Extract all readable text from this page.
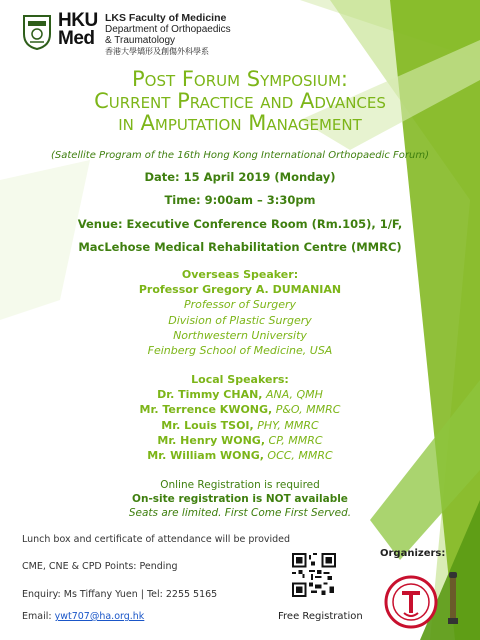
HKU
Med
LKS Faculty of Medicine
Department of Orthopaedics
& Traumatology
香港大學矯形及創傷外科學系
Post Forum Symposium:
Current Practice and Advances
in Amputation Management
(Satellite Program of the 16th Hong Kong International Orthopaedic Forum)
Date: 15 April 2019 (Monday)
Time: 9:00am – 3:30pm
Venue: Executive Conference Room (Rm.105), 1/F,
MacLehose Medical Rehabilitation Centre (MMRC)
Overseas Speaker:
Professor Gregory A. DUMANIAN
Professor of Surgery
Division of Plastic Surgery
Northwestern University
Feinberg School of Medicine, USA
Local Speakers:
Dr. Timmy CHAN, ANA, QMH
Mr. Terrence KWONG, P&O, MMRC
Mr. Louis TSOI, PHY, MMRC
Mr. Henry WONG, CP, MMRC
Mr. William WONG, OCC, MMRC
Online Registration is required
On-site registration is NOT available
Seats are limited. First Come First Served.
Lunch box and certificate of attendance will be provided
CME, CNE & CPD Points: Pending
Enquiry: Ms Tiffany Yuen | Tel: 2255 5165
Email: ywt707@ha.org.hk	Free Registration
Organizers:
